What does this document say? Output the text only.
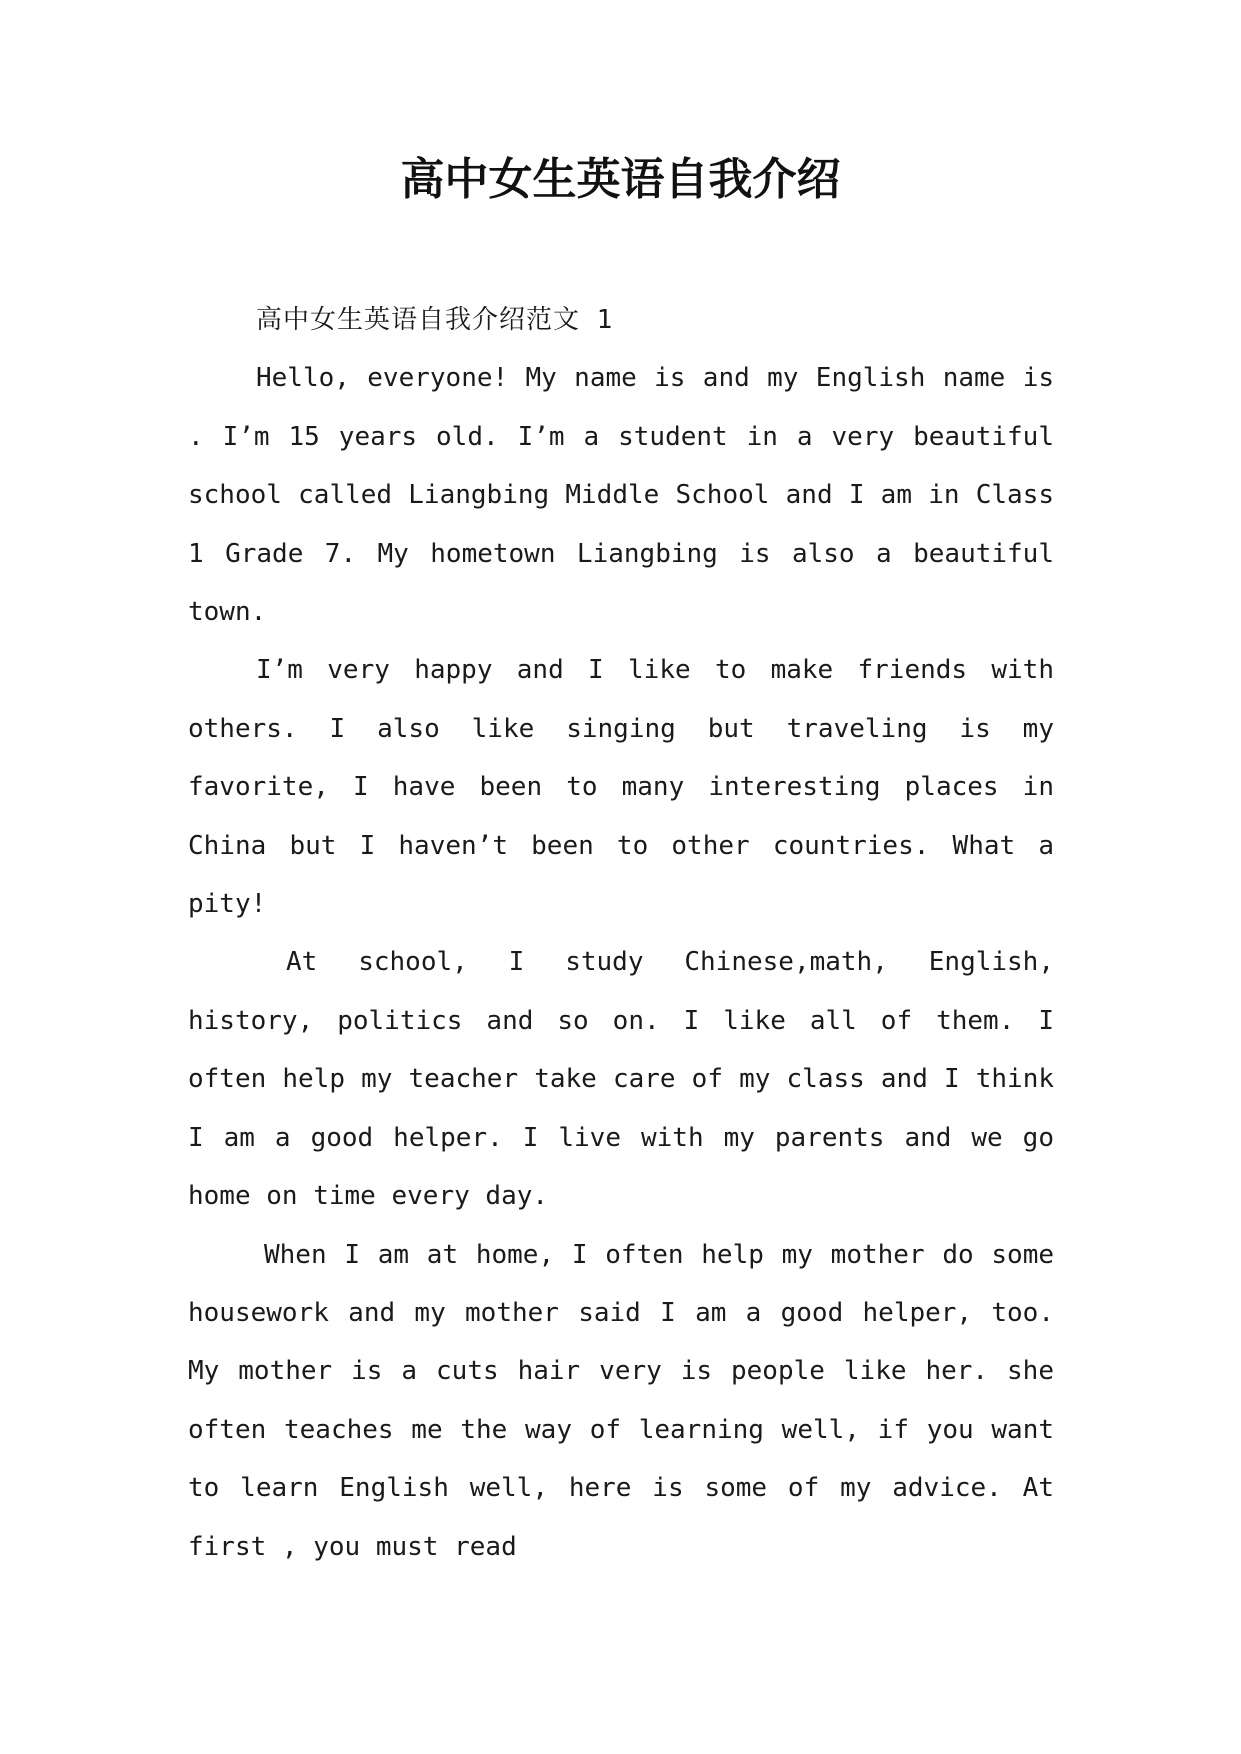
高中女生英语自我介绍
高中女生英语自我介绍范文 1

Hello, everyone! My name is and my English name is . I’m 15 years old. I’m a student in a very beautiful school called Liangbing Middle School and I am in Class 1 Grade 7. My hometown Liangbing is also a beautiful town.

I’m very happy and I like to make friends with others. I also like singing but traveling is my favorite, I have been to many interesting places in China but I haven’t been to other countries. What a pity!

At school, I study Chinese,math, English, history, politics and so on. I like all of them. I often help my teacher take care of my class and I think I am a good helper. I live with my parents and we go home on time every day.

When I am at home, I often help my mother do some housework and my mother said I am a good helper, too. My mother is a cuts hair very is people like her. she often teaches me the way of learning well, if you want to learn English well, here is some of my advice. At first , you must read
